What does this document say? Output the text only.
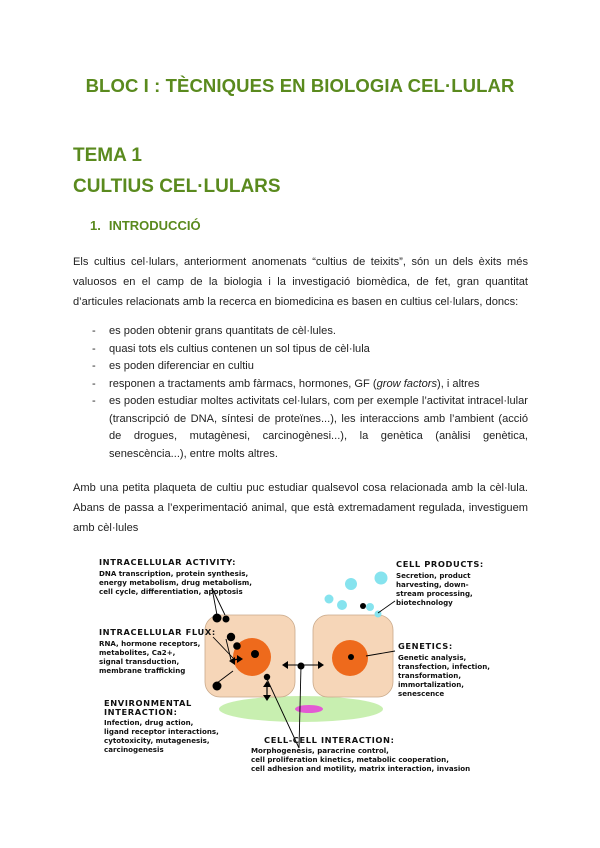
BLOC I : TÈCNIQUES EN BIOLOGIA CEL·LULAR
TEMA 1
CULTIUS CEL·LULARS
1. INTRODUCCIÓ
Els cultius cel·lulars, anteriorment anomenats “cultius de teixits”, són un dels èxits més valuosos en el camp de la biologia i la investigació biomèdica, de fet, gran quantitat d’articules relacionats amb la recerca en biomedicina es basen en cultius cel·lulars, doncs:
- es poden obtenir grans quantitats de cèl·lules.
- quasi tots els cultius contenen un sol tipus de cèl·lula
- es poden diferenciar en cultiu
- responen a tractaments amb fàrmacs, hormones, GF (grow factors), i altres
- es poden estudiar moltes activitats cel·lulars, com per exemple l’activitat intracel·lular (transcripció de DNA, síntesi de proteïnes...), les interaccions amb l’ambient (acció de drogues, mutagènesi, carcinogènesi...), la genètica (anàlisi genètica, senescència...), entre molts altres.
Amb una petita plaqueta de cultiu puc estudiar qualsevol cosa relacionada amb la cèl·lula. Abans de passa a l’experimentació animal, que està extremadament regulada, investiguem amb cèl·lules
INTRACELLULAR ACTIVITY:
DNA transcription, protein synthesis,
energy metabolism, drug metabolism,
cell cycle, differentiation, apoptosis
INTRACELLULAR FLUX:
RNA, hormone receptors,
metabolites, Ca2+,
signal transduction,
membrane trafficking
ENVIRONMENTAL
INTERACTION:
Infection, drug action,
ligand receptor interactions,
cytotoxicity, mutagenesis,
carcinogenesis
CELL PRODUCTS:
Secretion, product
harvesting, down-
stream processing,
biotechnology
GENETICS:
Genetic analysis,
transfection, infection,
transformation,
immortalization,
senescence
CELL-CELL INTERACTION:
Morphogenesis, paracrine control,
cell proliferation kinetics, metabolic cooperation,
cell adhesion and motility, matrix interaction, invasion
